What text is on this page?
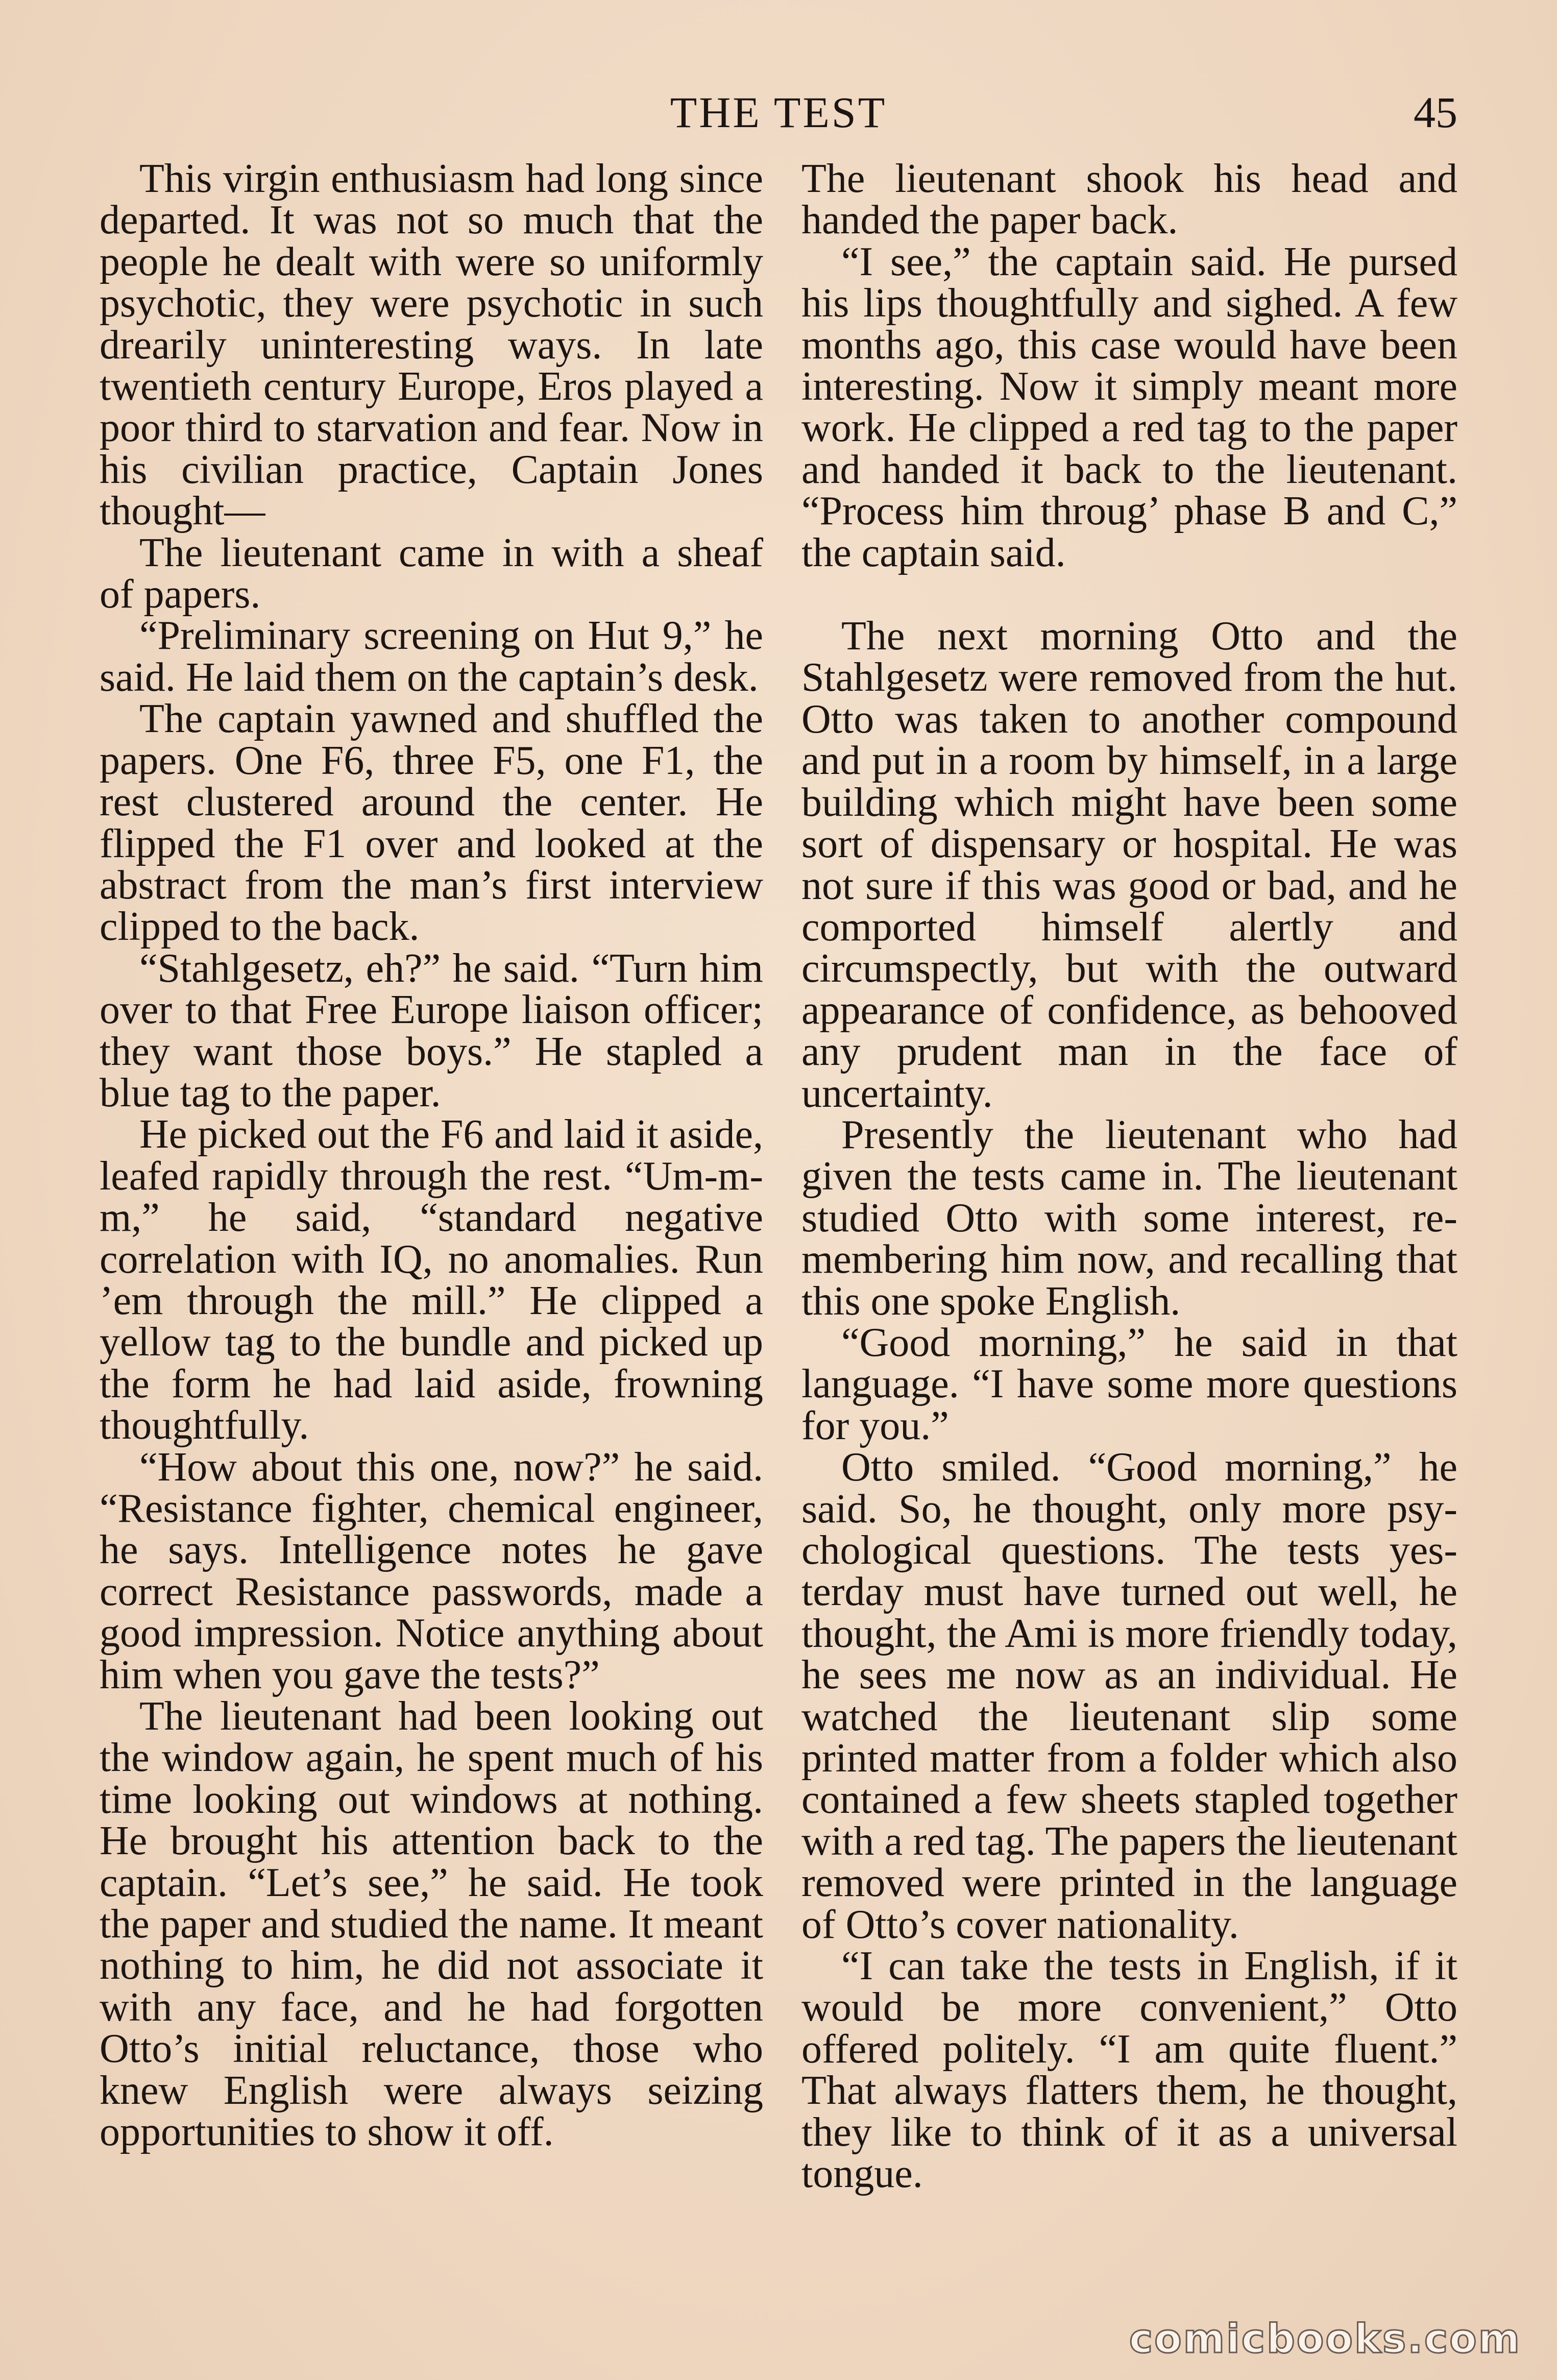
THE TEST	45

This virgin enthusiasm had long since departed. It was not so much that the people he dealt with were so uniformly psychotic, they were psychotic in such drearily uninteresting ways. In late twentieth century Europe, Eros played a poor third to starvation and fear. Now in his civilian practice, Captain Jones thought—

The lieutenant came in with a sheaf of papers.

“Preliminary screening on Hut 9,” he said. He laid them on the captain’s desk.

The captain yawned and shuffled the papers. One F6, three F5, one F1, the rest clustered around the center. He flipped the F1 over and looked at the abstract from the man’s first interview clipped to the back.

“Stahlgesetz, eh?” he said. “Turn him over to that Free Europe liaison officer; they want those boys.” He stapled a blue tag to the paper.

He picked out the F6 and laid it aside, leafed rapidly through the rest. “Um-m-m,” he said, “standard negative correlation with IQ, no anomalies. Run ’em through the mill.” He clipped a yellow tag to the bundle and picked up the form he had laid aside, frowning thoughtfully.

“How about this one, now?” he said. “Resistance fighter, chemical engineer, he says. Intelligence notes he gave correct Resistance passwords, made a good impression. Notice anything about him when you gave the tests?”

The lieutenant had been looking out the window again, he spent much of his time looking out windows at nothing. He brought his attention back to the captain. “Let’s see,” he said. He took the paper and studied the name. It meant nothing to him, he did not associate it with any face, and he had forgotten Otto’s initial reluctance, those who knew English were always seizing opportunities to show it off.

The lieutenant shook his head and handed the paper back.

“I see,” the captain said. He pursed his lips thoughtfully and sighed. A few months ago, this case would have been interesting. Now it simply meant more work. He clipped a red tag to the paper and handed it back to the lieutenant. “Process him throug’ phase B and C,” the captain said.

The next morning Otto and the Stahlgesetz were removed from the hut. Otto was taken to another compound and put in a room by himself, in a large building which might have been some sort of dispensary or hospital. He was not sure if this was good or bad, and he comported himself alertly and circumspectly, but with the outward appearance of confidence, as behooved any prudent man in the face of uncertainty.

Presently the lieutenant who had given the tests came in. The lieutenant studied Otto with some interest, remembering him now, and recalling that this one spoke English.

“Good morning,” he said in that language. “I have some more questions for you.”

Otto smiled. “Good morning,” he said. So, he thought, only more psychological questions. The tests yesterday must have turned out well, he thought, the Ami is more friendly today, he sees me now as an individual. He watched the lieutenant slip some printed matter from a folder which also contained a few sheets stapled together with a red tag. The papers the lieutenant removed were printed in the language of Otto’s cover nationality.

“I can take the tests in English, if it would be more convenient,” Otto offered politely. “I am quite fluent.” That always flatters them, he thought, they like to think of it as a universal tongue.

comicbooks.com
